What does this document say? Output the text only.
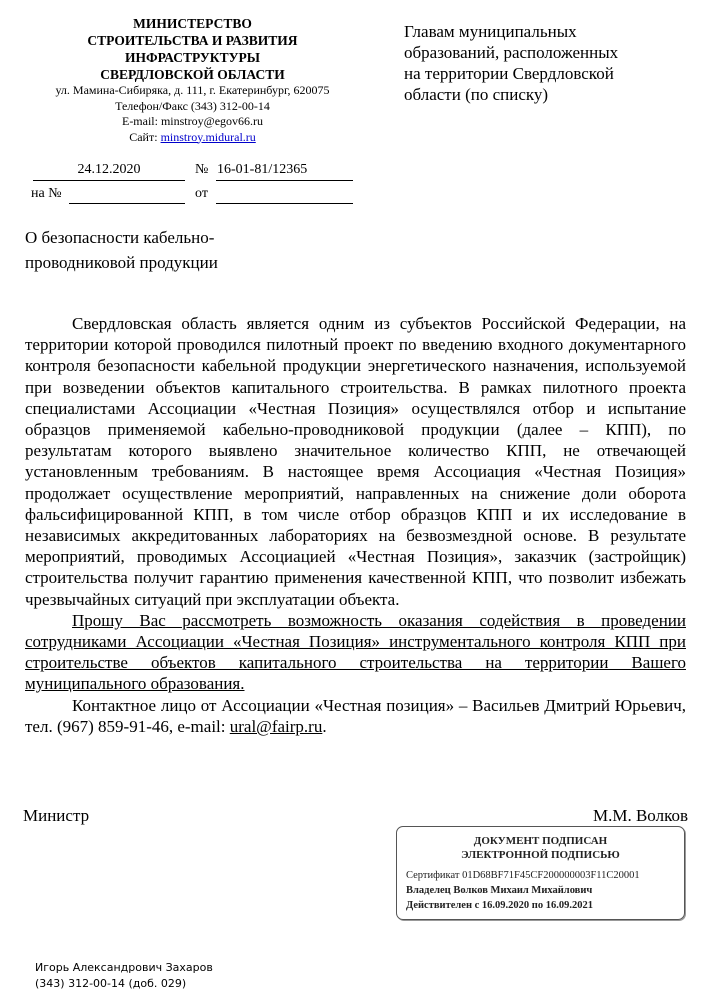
МИНИСТЕРСТВО
СТРОИТЕЛЬСТВА И РАЗВИТИЯ
ИНФРАСТРУКТУРЫ
СВЕРДЛОВСКОЙ ОБЛАСТИ
ул. Мамина-Сибиряка, д. 111, г. Екатеринбург, 620075
Телефон/Факс (343) 312-00-14
E-mail: minstroy@egov66.ru
Сайт: minstroy.midural.ru
Главам муниципальных
образований, расположенных
на территории Свердловской
области (по списку)
24.12.2020	№ 16-01-81/12365
на №	от
О безопасности кабельно-
проводниковой продукции

Свердловская область является одним из субъектов Российской Федерации, на территории которой проводился пилотный проект по введению входного документарного контроля безопасности кабельной продукции энергетического назначения, используемой при возведении объектов капитального строительства. В рамках пилотного проекта специалистами Ассоциации «Честная Позиция» осуществлялся отбор и испытание образцов применяемой кабельно-проводниковой продукции (далее – КПП), по результатам которого выявлено значительное количество КПП, не отвечающей установленным требованиям. В настоящее время Ассоциация «Честная Позиция» продолжает осуществление мероприятий, направленных на снижение доли оборота фальсифицированной КПП, в том числе отбор образцов КПП и их исследование в независимых аккредитованных лабораториях на безвозмездной основе. В результате мероприятий, проводимых Ассоциацией «Честная Позиция», заказчик (застройщик) строительства получит гарантию применения качественной КПП, что позволит избежать чрезвычайных ситуаций при эксплуатации объекта.

Прошу Вас рассмотреть возможность оказания содействия в проведении сотрудниками Ассоциации «Честная Позиция» инструментального контроля КПП при строительстве объектов капитального строительства на территории Вашего муниципального образования.

Контактное лицо от Ассоциации «Честная позиция» – Васильев Дмитрий Юрьевич, тел. (967) 859-91-46, e-mail: ural@fairp.ru.

Министр	М.М. Волков
ДОКУМЕНТ ПОДПИСАН
ЭЛЕКТРОННОЙ ПОДПИСЬЮ
Сертификат 01D68BF71F45CF200000003F11C20001
Владелец Волков Михаил Михайлович
Действителен с 16.09.2020 по 16.09.2021
Игорь Александрович Захаров
(343) 312-00-14 (доб. 029)
